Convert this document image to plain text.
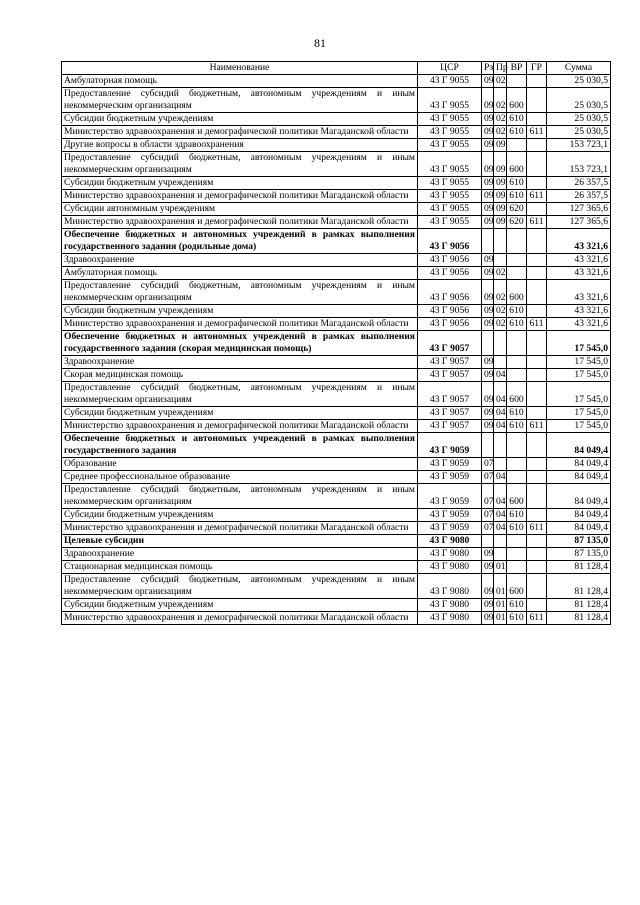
81
Наименование	ЦСР	Рз	Пр	ВР	ГР	Сумма
Амбулаторная помощь	43 Г 9055	09	02			25 030,5
Предоставление субсидий бюджетным, автономным учреждениям и иным некоммерческим организациям	43 Г 9055	09	02	600		25 030,5
Субсидии бюджетным учреждениям	43 Г 9055	09	02	610		25 030,5
Министерство здравоохранения и демографической политики Магаданской области	43 Г 9055	09	02	610	611	25 030,5
Другие вопросы в области здравоохранения	43 Г 9055	09	09			153 723,1
Предоставление субсидий бюджетным, автономным учреждениям и иным некоммерческим организациям	43 Г 9055	09	09	600		153 723,1
Субсидии бюджетным учреждениям	43 Г 9055	09	09	610		26 357,5
Министерство здравоохранения и демографической политики Магаданской области	43 Г 9055	09	09	610	611	26 357,5
Субсидии автономным учреждениям	43 Г 9055	09	09	620		127 365,6
Министерство здравоохранения и демографической политики Магаданской области	43 Г 9055	09	09	620	611	127 365,6
Обеспечение бюджетных и автономных учреждений в рамках выполнения государственного задания (родильные дома)	43 Г 9056					43 321,6
Здравоохранение	43 Г 9056	09				43 321,6
Амбулаторная помощь	43 Г 9056	09	02			43 321,6
Предоставление субсидий бюджетным, автономным учреждениям и иным некоммерческим организациям	43 Г 9056	09	02	600		43 321,6
Субсидии бюджетным учреждениям	43 Г 9056	09	02	610		43 321,6
Министерство здравоохранения и демографической политики Магаданской области	43 Г 9056	09	02	610	611	43 321,6
Обеспечение бюджетных и автономных учреждений в рамках выполнения государственного задания (скорая медицинская помощь)	43 Г 9057					17 545,0
Здравоохранение	43 Г 9057	09				17 545,0
Скорая медицинская помощь	43 Г 9057	09	04			17 545,0
Предоставление субсидий бюджетным, автономным учреждениям и иным некоммерческим организациям	43 Г 9057	09	04	600		17 545,0
Субсидии бюджетным учреждениям	43 Г 9057	09	04	610		17 545,0
Министерство здравоохранения и демографической политики Магаданской области	43 Г 9057	09	04	610	611	17 545,0
Обеспечение бюджетных и автономных учреждений в рамках выполнения государственного задания	43 Г 9059					84 049,4
Образование	43 Г 9059	07				84 049,4
Среднее профессиональное образование	43 Г 9059	07	04			84 049,4
Предоставление субсидий бюджетным, автономным учреждениям и иным некоммерческим организациям	43 Г 9059	07	04	600		84 049,4
Субсидии бюджетным учреждениям	43 Г 9059	07	04	610		84 049,4
Министерство здравоохранения и демографической политики Магаданской области	43 Г 9059	07	04	610	611	84 049,4
Целевые субсидии	43 Г 9080					87 135,0
Здравоохранение	43 Г 9080	09				87 135,0
Стационарная медицинская помощь	43 Г 9080	09	01			81 128,4
Предоставление субсидий бюджетным, автономным учреждениям и иным некоммерческим организациям	43 Г 9080	09	01	600		81 128,4
Субсидии бюджетным учреждениям	43 Г 9080	09	01	610		81 128,4
Министерство здравоохранения и демографической политики Магаданской области	43 Г 9080	09	01	610	611	81 128,4
